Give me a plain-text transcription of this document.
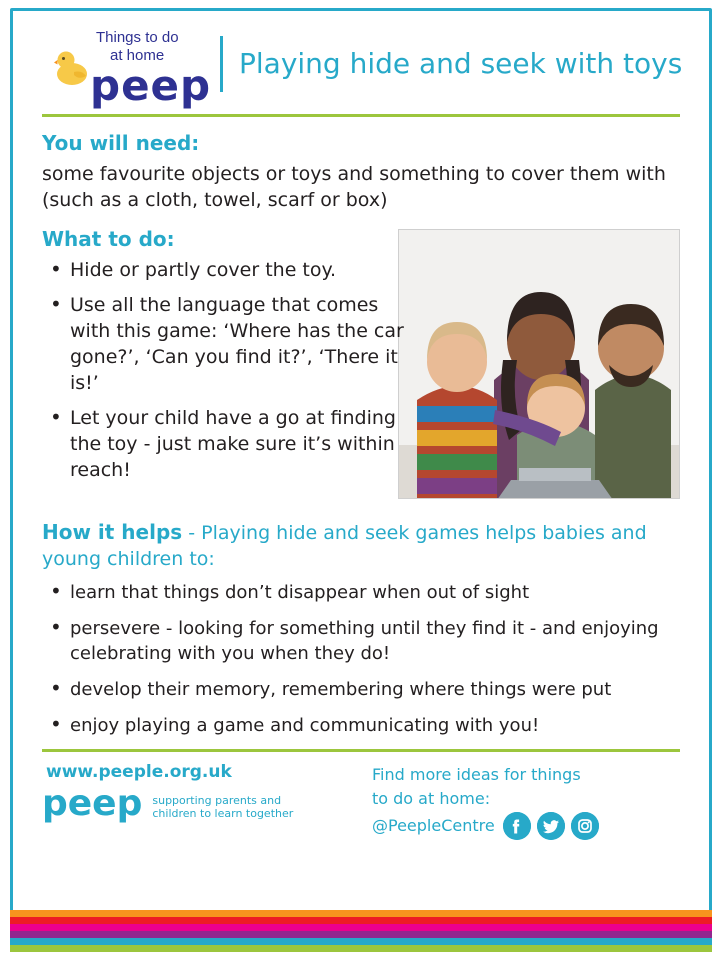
Things to do
at home
peep Playing hide and seek with toys
You will need:
some favourite objects or toys and something to cover them with (such as a cloth, towel, scarf or box)
What to do:
• Hide or partly cover the toy.
• Use all the language that comes with this game: ‘Where has the car gone?’, ‘Can you find it?’, ‘There it is!’
• Let your child have a go at finding the toy - just make sure it’s within reach!
How it helps - Playing hide and seek games helps babies and young children to:
• learn that things don’t disappear when out of sight
• persevere - looking for something until they find it - and enjoying celebrating with you when they do!
• develop their memory, remembering where things were put
• enjoy playing a game and communicating with you!
www.peeple.org.uk
peep supporting parents and
children to learn together
Find more ideas for things
to do at home:
@PeepleCentre
